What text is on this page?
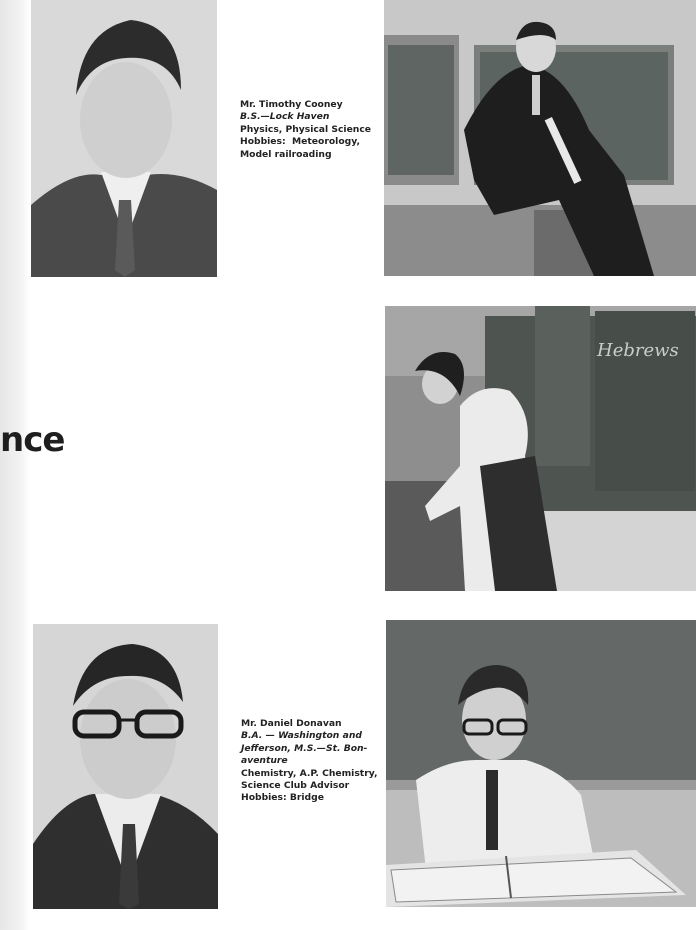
Mr. Timothy Cooney
B.S.—Lock Haven
Physics, Physical Science
Hobbies: Meteorology,
Model railroading
Hebrews
nce
Mr. Daniel Donavan
B.A. — Washington and
Jefferson, M.S.—St. Bon-
aventure
Chemistry, A.P. Chemistry,
Science Club Advisor
Hobbies: Bridge
